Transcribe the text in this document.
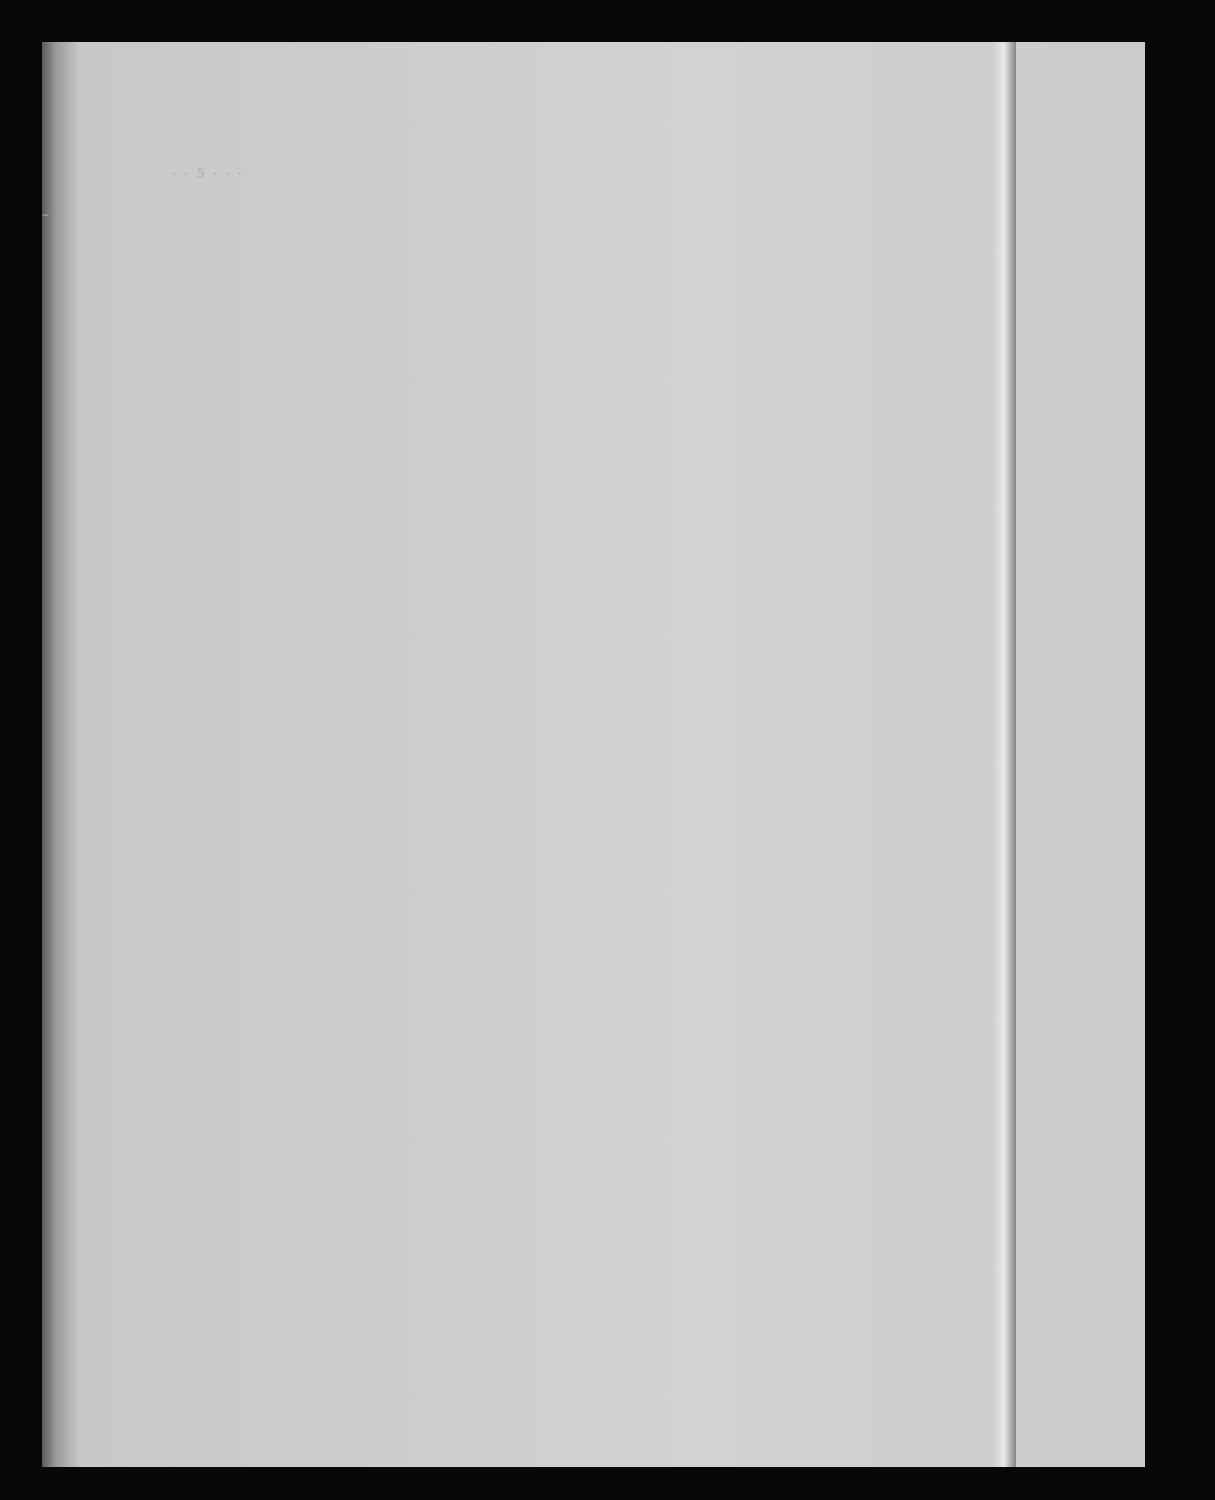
· · 5 · · ·

–
